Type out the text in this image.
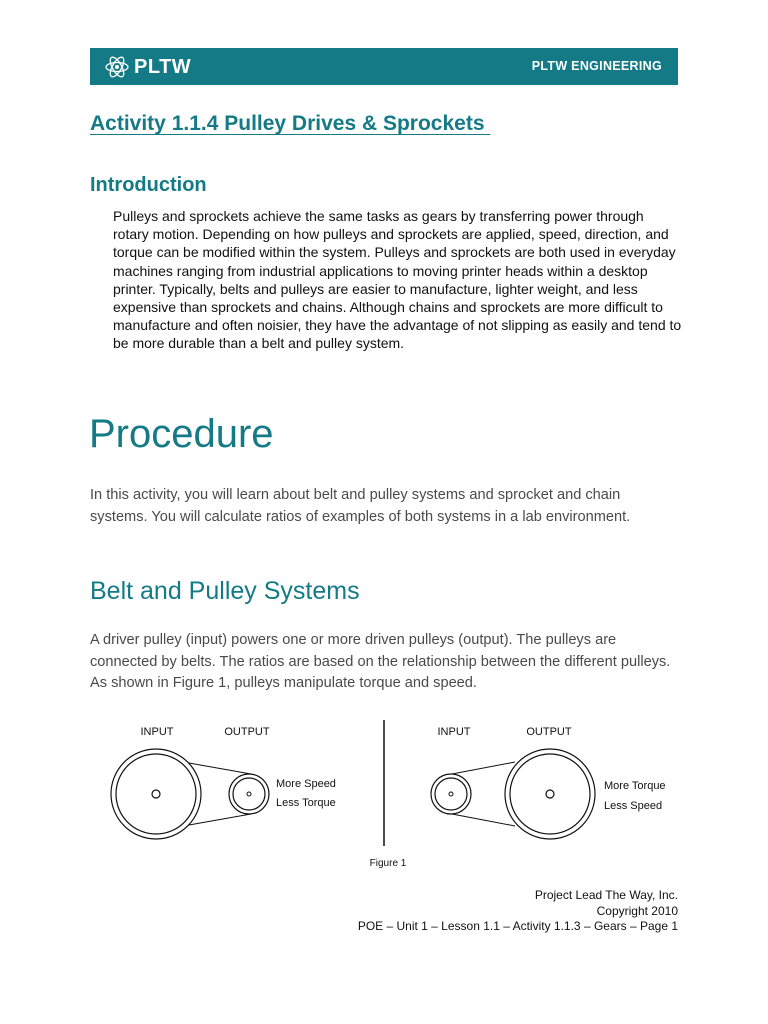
PLTW	PLTW ENGINEERING
Activity 1.1.4 Pulley Drives & Sprockets
Introduction
Pulleys and sprockets achieve the same tasks as gears by transferring power through rotary motion. Depending on how pulleys and sprockets are applied, speed, direction, and torque can be modified within the system. Pulleys and sprockets are both used in everyday machines ranging from industrial applications to moving printer heads within a desktop printer. Typically, belts and pulleys are easier to manufacture, lighter weight, and less expensive than sprockets and chains. Although chains and sprockets are more difficult to manufacture and often noisier, they have the advantage of not slipping as easily and tend to be more durable than a belt and pulley system.
Procedure
In this activity, you will learn about belt and pulley systems and sprocket and chain systems. You will calculate ratios of examples of both systems in a lab environment.
Belt and Pulley Systems
A driver pulley (input) powers one or more driven pulleys (output). The pulleys are connected by belts. The ratios are based on the relationship between the different pulleys. As shown in Figure 1, pulleys manipulate torque and speed.
INPUT	OUTPUT
More Speed
Less Torque
INPUT	OUTPUT
More Torque
Less Speed
Figure 1
Project Lead The Way, Inc.
Copyright 2010
POE – Unit 1 – Lesson 1.1 – Activity 1.1.3 – Gears – Page 1
